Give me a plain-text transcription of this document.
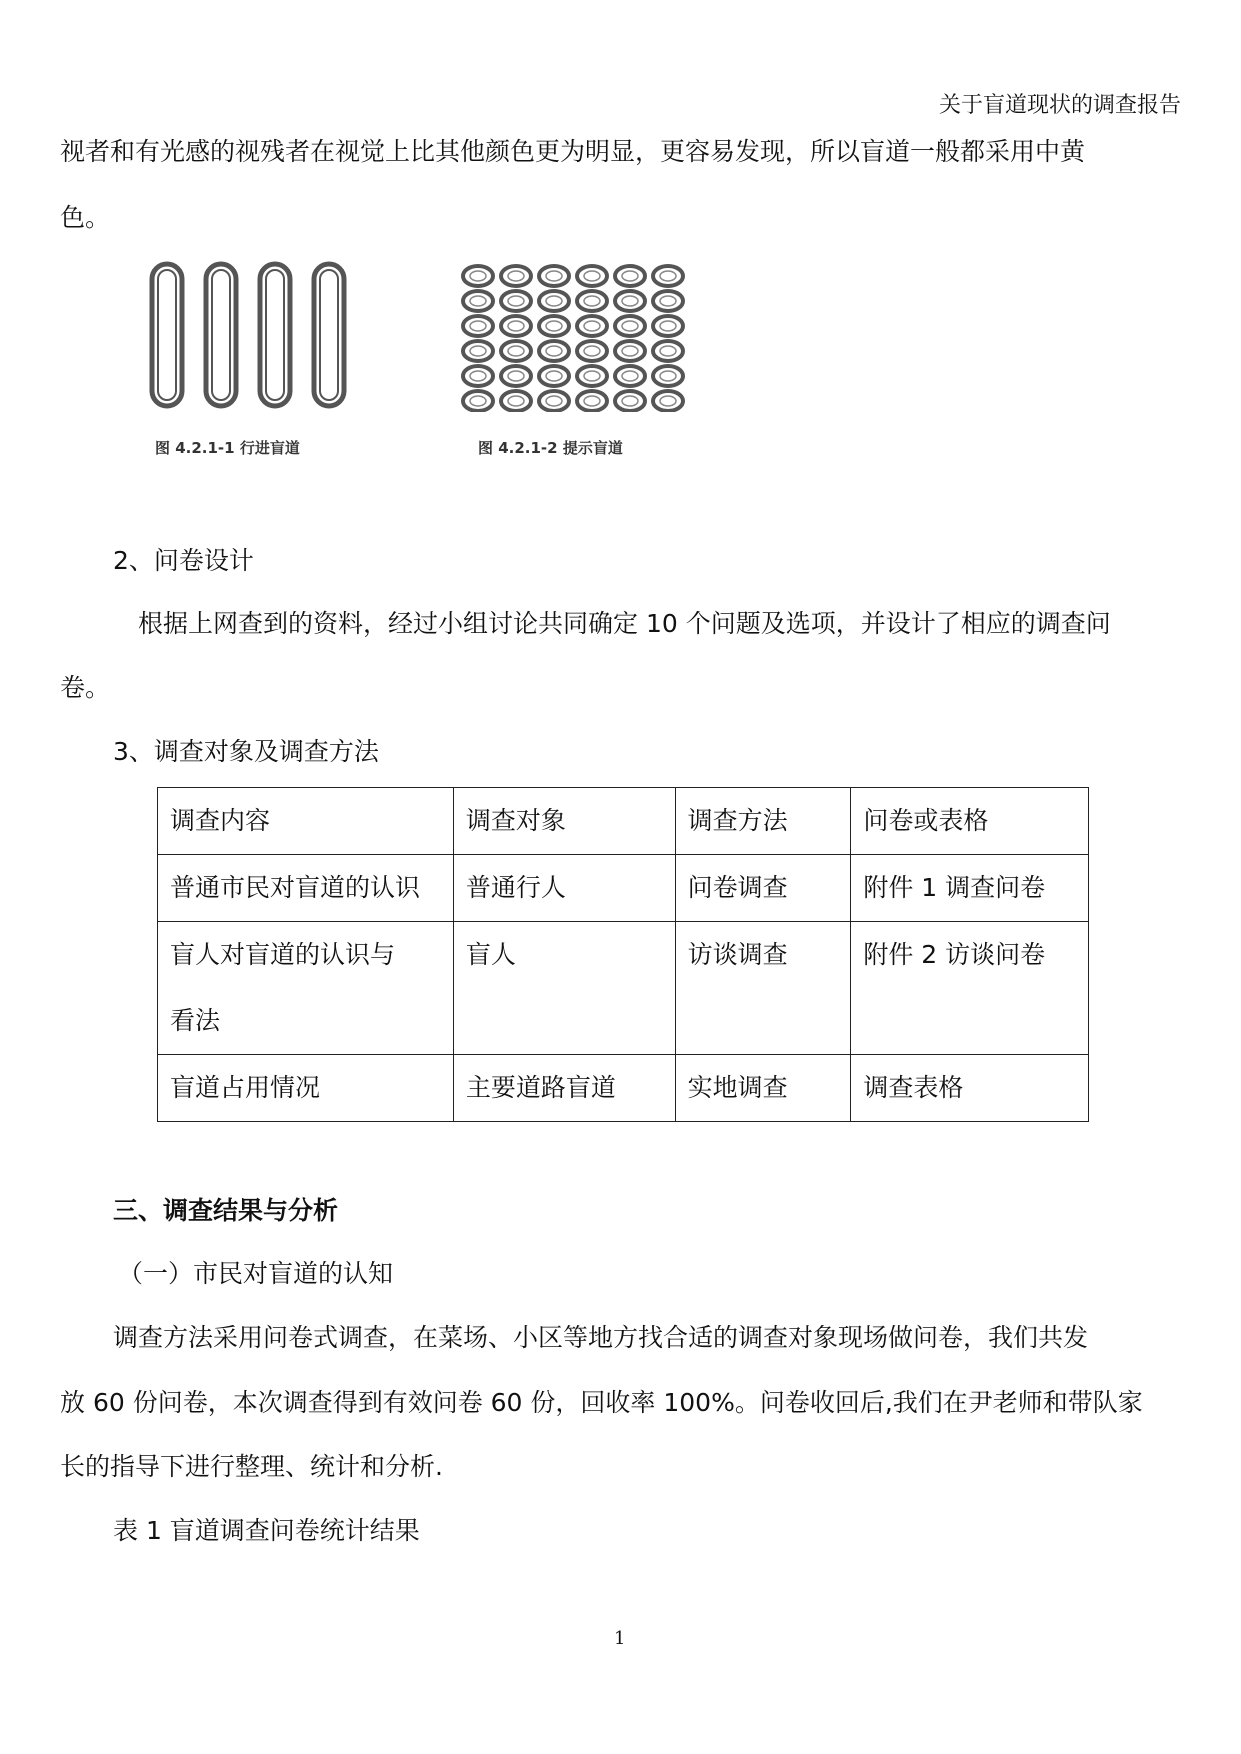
关于盲道现状的调查报告
视者和有光感的视残者在视觉上比其他颜色更为明显，更容易发现，所以盲道一般都采用中黄
色。
图 4.2.1-1 行进盲道	图 4.2.1-2 提示盲道
2、问卷设计
根据上网查到的资料，经过小组讨论共同确定 10 个问题及选项，并设计了相应的调查问
卷。
3、调查对象及调查方法
调查内容	调查对象	调查方法	问卷或表格
普通市民对盲道的认识	普通行人	问卷调查	附件 1 调查问卷

盲人对盲道的认识与看法	盲人	访谈调查	附件 2 访谈问卷
盲道占用情况	主要道路盲道	实地调查	调查表格
三、调查结果与分析
（一）市民对盲道的认知
调查方法采用问卷式调查，在菜场、小区等地方找合适的调查对象现场做问卷，我们共发
放 60 份问卷，本次调查得到有效问卷 60 份，回收率 100%。问卷收回后,我们在尹老师和带队家
长的指导下进行整理、统计和分析.
表 1 盲道调查问卷统计结果
1
